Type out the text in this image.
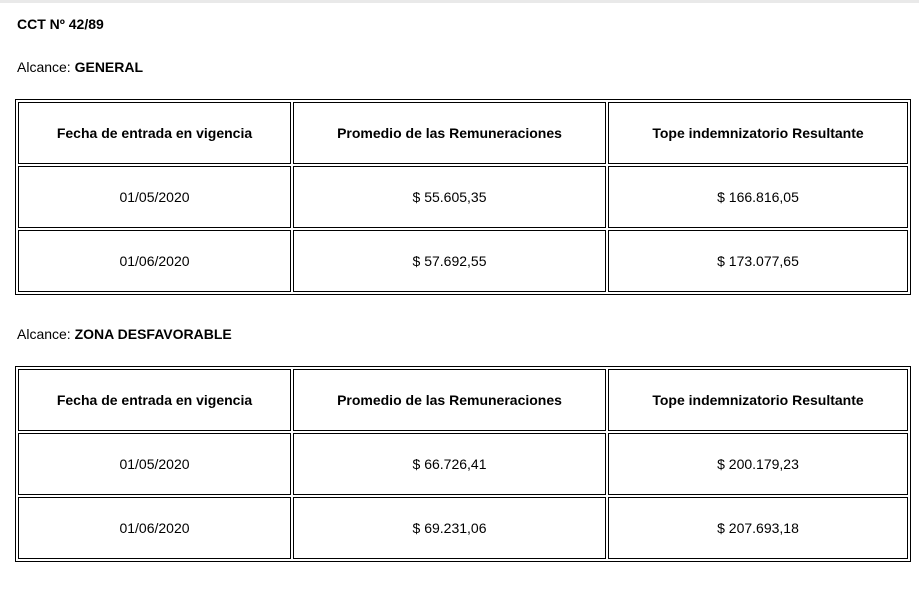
CCT Nº 42/89
Alcance: GENERAL
Fecha de entrada en vigencia	Promedio de las Remuneraciones	Tope indemnizatorio Resultante
01/05/2020	$ 55.605,35	$ 166.816,05
01/06/2020	$ 57.692,55	$ 173.077,65
Alcance: ZONA DESFAVORABLE
Fecha de entrada en vigencia	Promedio de las Remuneraciones	Tope indemnizatorio Resultante
01/05/2020	$ 66.726,41	$ 200.179,23
01/06/2020	$ 69.231,06	$ 207.693,18
